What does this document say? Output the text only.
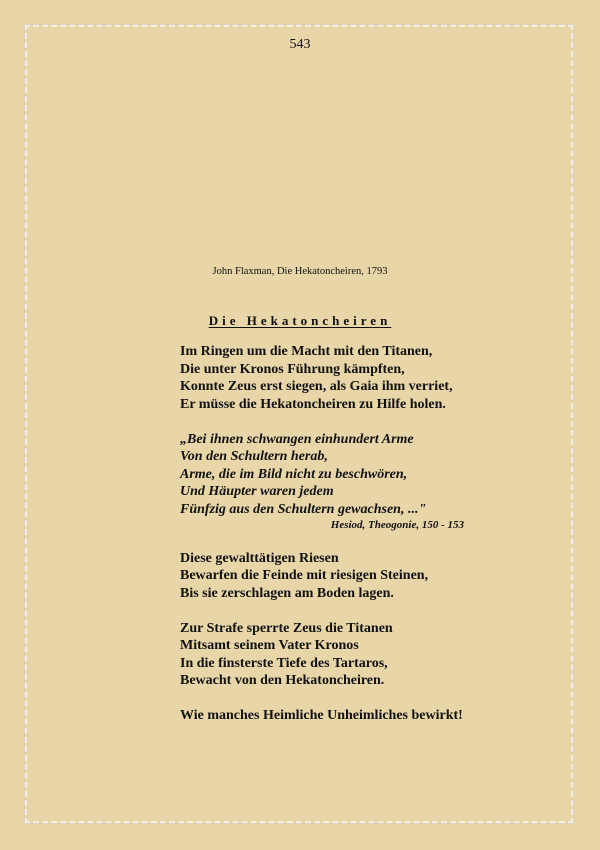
543
John Flaxman, Die Hekatoncheiren, 1793
Die Hekatoncheiren
Im Ringen um die Macht mit den Titanen,
Die unter Kronos Führung kämpften,
Konnte Zeus erst siegen, als Gaia ihm verriet,
Er müsse die Hekatoncheiren zu Hilfe holen.
„Bei ihnen schwangen einhundert Arme
Von den Schultern herab,
Arme, die im Bild nicht zu beschwören,
Und Häupter waren jedem
Fünfzig aus den Schultern gewachsen, ..."
Hesiod, Theogonie, 150 - 153
Diese gewalttätigen Riesen
Bewarfen die Feinde mit riesigen Steinen,
Bis sie zerschlagen am Boden lagen.
Zur Strafe sperrte Zeus die Titanen
Mitsamt seinem Vater Kronos
In die finsterste Tiefe des Tartaros,
Bewacht von den Hekatoncheiren.
Wie manches Heimliche Unheimliches bewirkt!
